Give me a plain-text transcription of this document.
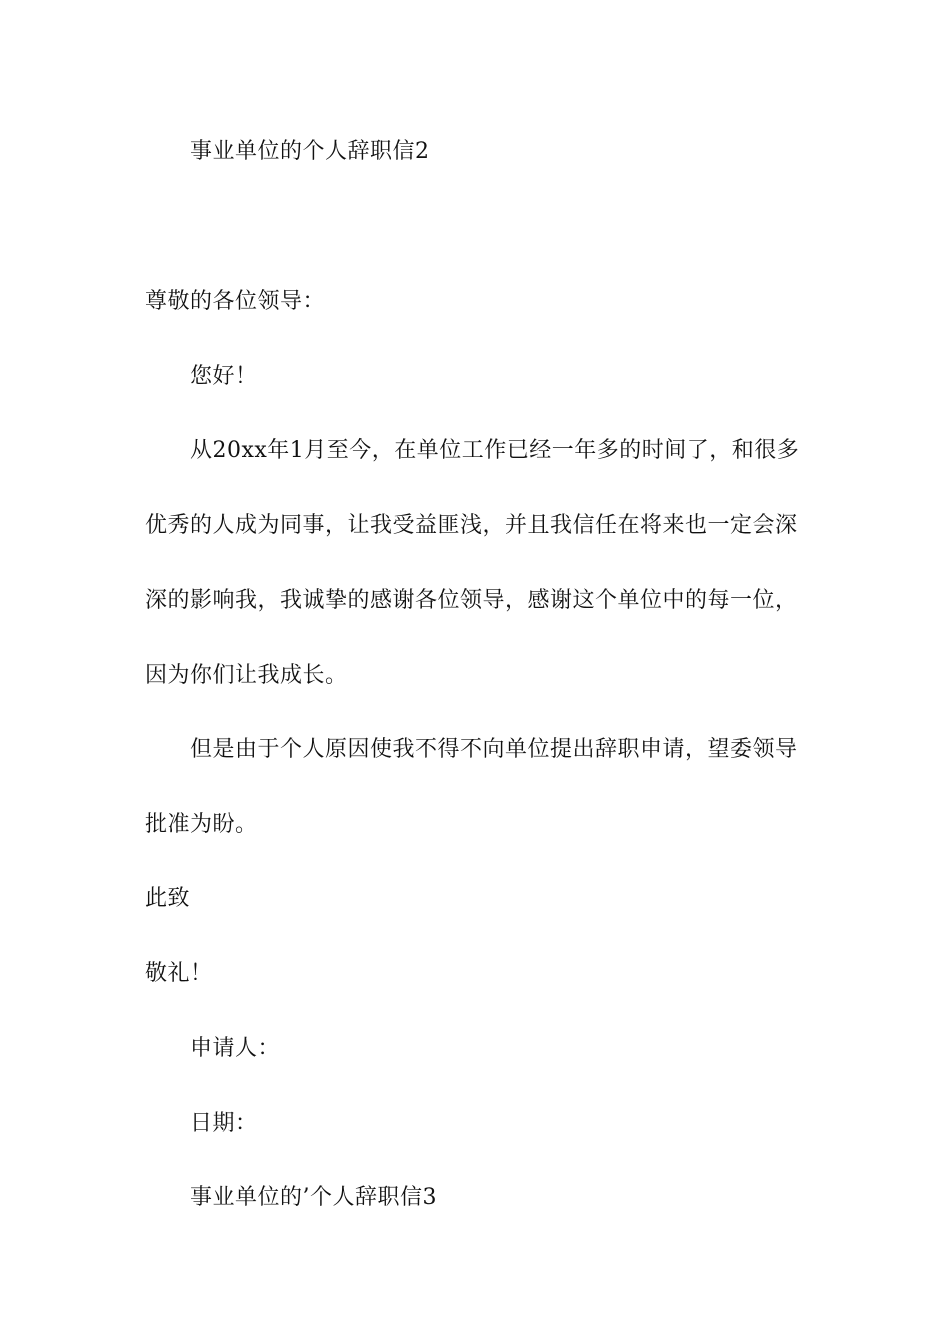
事业单位的个人辞职信2
尊敬的各位领导：
您好！
从20xx年1月至今，在单位工作已经一年多的时间了，和很多
优秀的人成为同事，让我受益匪浅，并且我信任在将来也一定会深
深的影响我，我诚挚的感谢各位领导，感谢这个单位中的每一位，
因为你们让我成长。
但是由于个人原因使我不得不向单位提出辞职申请，望委领导
批准为盼。
此致
敬礼！
申请人：
日期：
事业单位的’个人辞职信3
